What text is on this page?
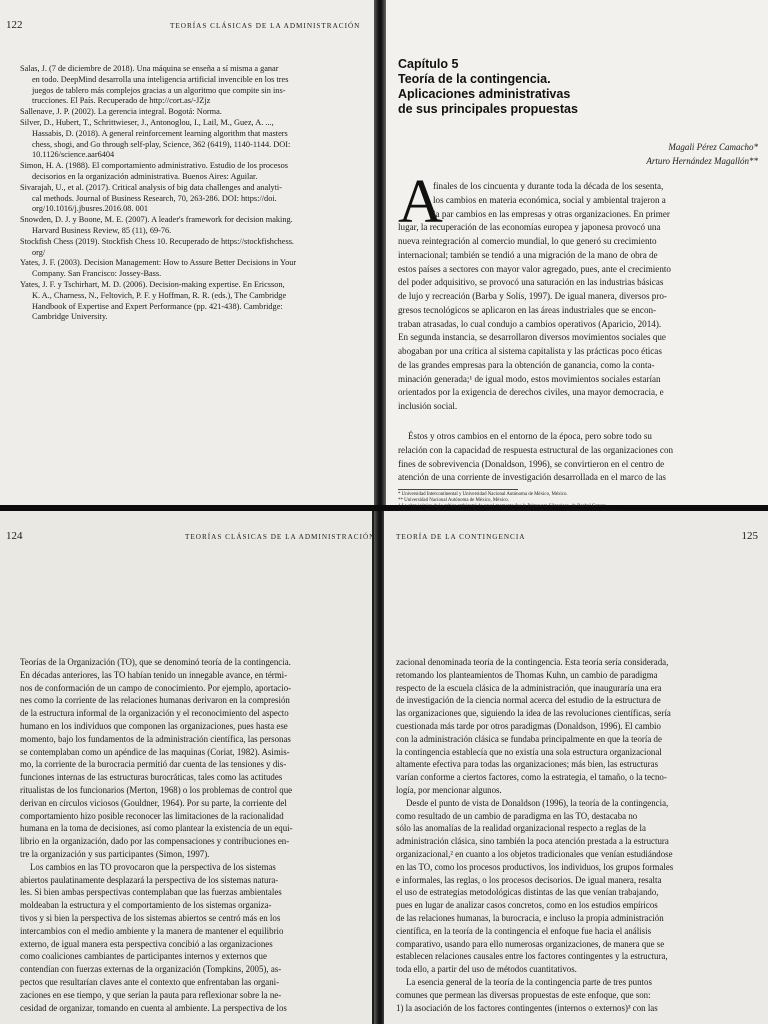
122	TEORÍAS CLÁSICAS DE LA ADMINISTRACIÓN
Salas, J. (7 de diciembre de 2018). Una máquina se enseña a sí misma a ganar
en todo. DeepMind desarrolla una inteligencia artificial invencible en los tres
juegos de tablero más complejos gracias a un algoritmo que compite sin ins-
trucciones. El País. Recuperado de http://cort.as/-JZjz
Sallenave, J. P. (2002). La gerencia integral. Bogotá: Norma.
Silver, D., Hubert, T., Schrittwieser, J., Antonoglou, I., Lail, M., Guez, A. ...,
Hassabis, D. (2018). A general reinforcement learning algorithm that masters
chess, shogi, and Go through self-play, Science, 362 (6419), 1140-1144. DOI:
10.1126/science.aar6404
Simon, H. A. (1988). El comportamiento administrativo. Estudio de los procesos
decisorios en la organización administrativa. Buenos Aires: Aguilar.
Sivarajah, U., et al. (2017). Critical analysis of big data challenges and analyti-
cal methods. Journal of Business Research, 70, 263-286. DOI: https://doi.
org/10.1016/j.jbusres.2016.08. 001
Snowden, D. J. y Boone, M. E. (2007). A leader's framework for decision making.
Harvard Business Review, 85 (11), 69-76.
Stockfish Chess (2019). Stockfish Chess 10. Recuperado de https://stockfishchess.
org/
Yates, J. F. (2003). Decision Management: How to Assure Better Decisions in Your
Company. San Francisco: Jossey-Bass.
Yates, J. F. y Tschirhart, M. D. (2006). Decision-making expertise. En Ericsson,
K. A., Charness, N., Feltovich, P. F. y Hoffman, R. R. (eds.), The Cambridge
Handbook of Expertise and Expert Performance (pp. 421-438). Cambridge:
Cambridge University.
Capítulo 5
Teoría de la contingencia.
Aplicaciones administrativas
de sus principales propuestas
Magali Pérez Camacho*
Arturo Hernández Magallón**
A
finales de los cincuenta y durante toda la década de los sesenta,
los cambios en materia económica, social y ambiental trajeron a
la par cambios en las empresas y otras organizaciones. En primer
lugar, la recuperación de las economías europea y japonesa provocó una
nueva reintegración al comercio mundial, lo que generó su crecimiento
internacional; también se tendió a una migración de la mano de obra de
estos países a sectores con mayor valor agregado, pues, ante el crecimiento
del poder adquisitivo, se provocó una saturación en las industrias básicas
de lujo y recreación (Barba y Solís, 1997). De igual manera, diversos pro-
gresos tecnológicos se aplicaron en las áreas industriales que se encon-
traban atrasadas, lo cual condujo a cambios operativos (Aparicio, 2014).
En segunda instancia, se desarrollaron diversos movimientos sociales que
abogaban por una crítica al sistema capitalista y las prácticas poco éticas
de las grandes empresas para la obtención de ganancia, como la conta-
minación generada;¹ de igual modo, estos movimientos sociales estarían
orientados por la exigencia de derechos civiles, una mayor democracia, e
inclusión social.
Éstos y otros cambios en el entorno de la época, pero sobre todo su
relación con la capacidad de respuesta estructural de las organizaciones con
fines de sobrevivencia (Donaldson, 1996), se convirtieron en el centro de
atención de una corriente de investigación desarrollada en el marco de las
* Universidad Intercontinental y Universidad Nacional Autónoma de México, México.
** Universidad Nacional Autónoma de México, México.
1 La obra icónica de la crítica ambiental de aquel momento fue la Primavera Silenciosa, de Rachel Carson,
124	TEORÍAS CLÁSICAS DE LA ADMINISTRACIÓN
Teorías de la Organización (TO), que se denominó teoría de la contingencia.
En décadas anteriores, las TO habían tenido un innegable avance, en térmi-
nos de conformación de un campo de conocimiento. Por ejemplo, aportacio-
nes como la corriente de las relaciones humanas derivaron en la compresión
de la estructura informal de la organización y el reconocimiento del aspecto
humano en los individuos que componen las organizaciones, pues hasta ese
momento, bajo los fundamentos de la administración científica, las personas
se contemplaban como un apéndice de las maquinas (Coriat, 1982). Asimis-
mo, la corriente de la burocracia permitió dar cuenta de las tensiones y dis-
funciones internas de las estructuras burocráticas, tales como las actitudes
ritualistas de los funcionarios (Merton, 1968) o los problemas de control que
derivan en círculos viciosos (Gouldner, 1964). Por su parte, la corriente del
comportamiento hizo posible reconocer las limitaciones de la racionalidad
humana en la toma de decisiones, así como plantear la existencia de un equi-
librio en la organización, dado por las compensaciones y contribuciones en-
tre la organización y sus participantes (Simon, 1997).
Los cambios en las TO provocaron que la perspectiva de los sistemas
abiertos paulatinamente desplazará la perspectiva de los sistemas natura-
les. Si bien ambas perspectivas contemplaban que las fuerzas ambientales
moldeaban la estructura y el comportamiento de los sistemas organiza-
tivos y si bien la perspectiva de los sistemas abiertos se centró más en los
intercambios con el medio ambiente y la manera de mantener el equilibrio
externo, de igual manera esta perspectiva concibió a las organizaciones
como coaliciones cambiantes de participantes internos y externos que
contendían con fuerzas externas de la organización (Tompkins, 2005), as-
pectos que resultarían claves ante el contexto que enfrentaban las organi-
zaciones en ese tiempo, y que serían la pauta para reflexionar sobre la ne-
cesidad de organizar, tomando en cuenta al ambiente. La perspectiva de los
TEORÍA DE LA CONTINGENCIA	125
zacional denominada teoría de la contingencia. Esta teoría sería considerada,
retomando los planteamientos de Thomas Kuhn, un cambio de paradigma
respecto de la escuela clásica de la administración, que inauguraría una era
de investigación de la ciencia normal acerca del estudio de la estructura de
las organizaciones que, siguiendo la idea de las revoluciones científicas, sería
cuestionada más tarde por otros paradigmas (Donaldson, 1996). El cambio
con la administración clásica se fundaba principalmente en que la teoría de
la contingencia establecía que no existía una sola estructura organizacional
altamente efectiva para todas las organizaciones; más bien, las estructuras
varían conforme a ciertos factores, como la estrategia, el tamaño, o la tecno-
logía, por mencionar algunos.
Desde el punto de vista de Donaldson (1996), la teoría de la contingencia,
como resultado de un cambio de paradigma en las TO, destacaba no
sólo las anomalías de la realidad organizacional respecto a reglas de la
administración clásica, sino también la poca atención prestada a la estructura
organizacional,² en cuanto a los objetos tradicionales que venían estudiándose
en las TO, como los procesos productivos, los individuos, los grupos formales
e informales, las reglas, o los procesos decisorios. De igual manera, resalta
el uso de estrategias metodológicas distintas de las que venían trabajando,
pues en lugar de analizar casos concretos, como en los estudios empíricos
de las relaciones humanas, la burocracia, e incluso la propia administración
científica, en la teoría de la contingencia el enfoque fue hacia el análisis
comparativo, usando para ello numerosas organizaciones, de manera que se
establecen relaciones causales entre los factores contingentes y la estructura,
toda ello, a partir del uso de métodos cuantitativos.
La esencia general de la teoría de la contingencia parte de tres puntos
comunes que permean las diversas propuestas de este enfoque, que son:
1) la asociación de los factores contingentes (internos o externos)³ con las
